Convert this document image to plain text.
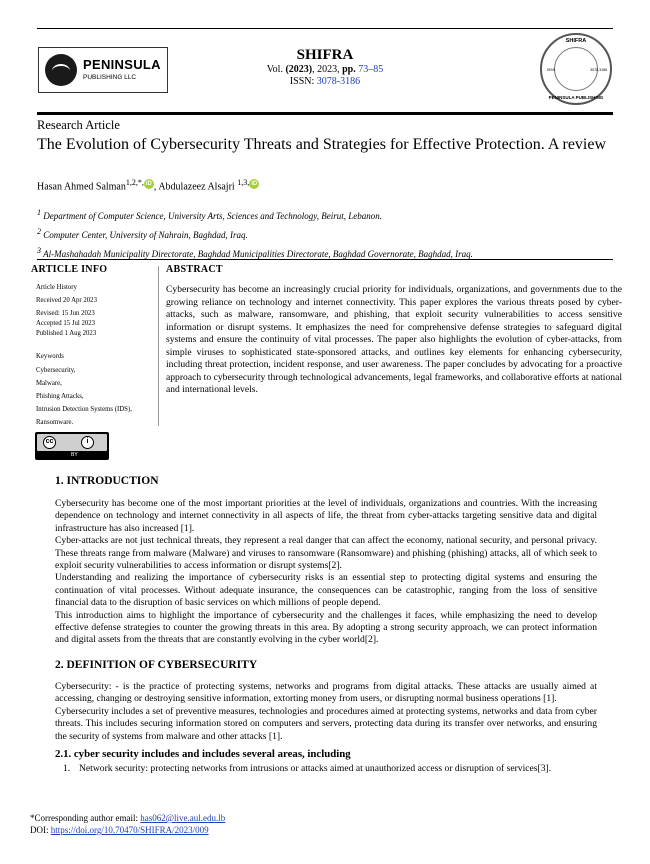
PENINSULA
PUBLISHING LLC
SHIFRA
Vol. (2023), 2023, pp. 73–85
ISSN: 3078-3186
SHIFRA
ISSN	3078-3186
PENINSULA PUBLISHING
Research Article
The Evolution of Cybersecurity Threats and Strategies for Effective Protection. A review
Hasan Ahmed Salman$^{1,2,*,}$ iD , Abdulazeez Alsajri $^{1,3,}$ iD
$^1$ Department of Computer Science, University Arts, Sciences and Technology, Beirut, Lebanon.
$^2$ Computer Center, University of Nahrain, Baghdad, Iraq.
$^3$ Al-Mashahadah Municipality Directorate, Baghdad Municipalities Directorate, Baghdad Governorate, Baghdad, Iraq.
ARTICLE INFO
Article History
Received 20 Apr 2023
Revised: 15 Jun 2023
Accepted 15 Jul 2023
Published 1 Aug 2023
Keywords
Cybersecurity,
Malware,
Phishing Attacks,
Intrusion Detection Systems (IDS),
Ransomware.
cc	i
BY
ABSTRACT
Cybersecurity has become an increasingly crucial priority for individuals, organizations, and governments due to the growing reliance on technology and internet connectivity. This paper explores the various threats posed by cyber-attacks, such as malware, ransomware, and phishing, that exploit security vulnerabilities to access sensitive information or disrupt systems. It emphasizes the need for comprehensive defense strategies to safeguard digital systems and ensure the continuity of vital processes. The paper also highlights the evolution of cyber-attacks, from simple viruses to sophisticated state-sponsored attacks, and outlines key elements for enhancing cybersecurity, including threat protection, incident response, and user awareness. The paper concludes by advocating for a proactive approach to cybersecurity through technological advancements, legal frameworks, and collaborative efforts at national and international levels.
1. INTRODUCTION

Cybersecurity has become one of the most important priorities at the level of individuals, organizations and countries. With the increasing dependence on technology and internet connectivity in all aspects of life, the threat from cyber-attacks targeting sensitive data and digital infrastructure has also increased [1].

Cyber-attacks are not just technical threats, they represent a real danger that can affect the economy, national security, and personal privacy. These threats range from malware (Malware) and viruses to ransomware (Ransomware) and phishing (phishing) attacks, all of which seek to exploit security vulnerabilities to access information or disrupt systems[2].

Understanding and realizing the importance of cybersecurity risks is an essential step to protecting digital systems and ensuring the continuation of vital processes. Without adequate insurance, the consequences can be catastrophic, ranging from the loss of sensitive financial data to the disruption of basic services on which millions of people depend.

This introduction aims to highlight the importance of cybersecurity and the challenges it faces, while emphasizing the need to develop effective defense strategies to counter the growing threats in this area. By adopting a strong security approach, we can protect information and digital assets from the threats that are constantly evolving in the cyber world[2].

2. DEFINITION OF CYBERSECURITY

Cybersecurity: - is the practice of protecting systems, networks and programs from digital attacks. These attacks are usually aimed at accessing, changing or destroying sensitive information, extorting money from users, or disrupting normal business operations [1].

Cybersecurity includes a set of preventive measures, technologies and procedures aimed at protecting systems, networks and data from cyber threats. This includes securing information stored on computers and servers, protecting data during its transfer over networks, and ensuring the security of systems from malware and other attacks [1].

2.1. cyber security includes and includes several areas, including
1. Network security: protecting networks from intrusions or attacks aimed at unauthorized access or disruption of services[3].
*Corresponding author email: has062@live.aul.edu.lb
DOI: https://doi.org/10.70470/SHIFRA/2023/009
